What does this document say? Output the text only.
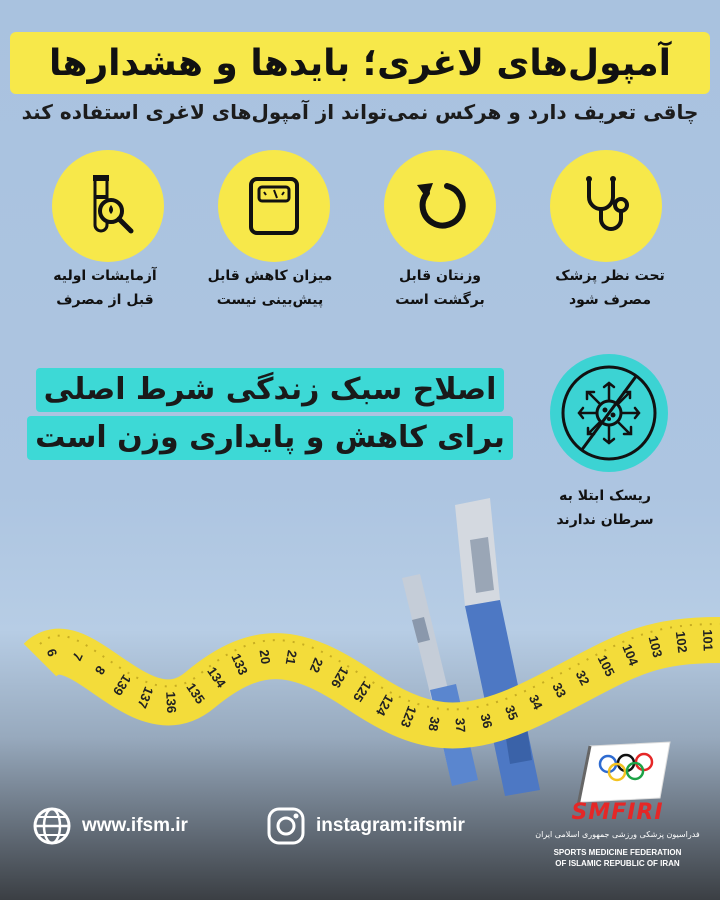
آمپول‌های لاغری؛ بایدها و هشدارها
چاقی تعریف دارد و هرکس نمی‌تواند از آمپول‌های لاغری استفاده کند
تحت نظر پزشک
مصرف شود
وزنتان قابل
برگشت است
میزان کاهش قابل
پیش‌بینی نیست
آزمایشات اولیه
قبل از مصرف
ریسک ابتلا به
سرطان ندارند
اصلاح سبک زندگی شرط اصلی
برای کاهش و پایداری وزن است
6 7
8
139 137 136 135
134 133 20 21 22 126
125
124 123 38 37 36 35
34
33
32 105 104 103 102 101
www.ifsm.ir	instagram:ifsmir
SMFIRI
فدراسیون پزشکی ورزشی جمهوری اسلامی ایران
SPORTS MEDICINE FEDERATION
OF ISLAMIC REPUBLIC OF IRAN
